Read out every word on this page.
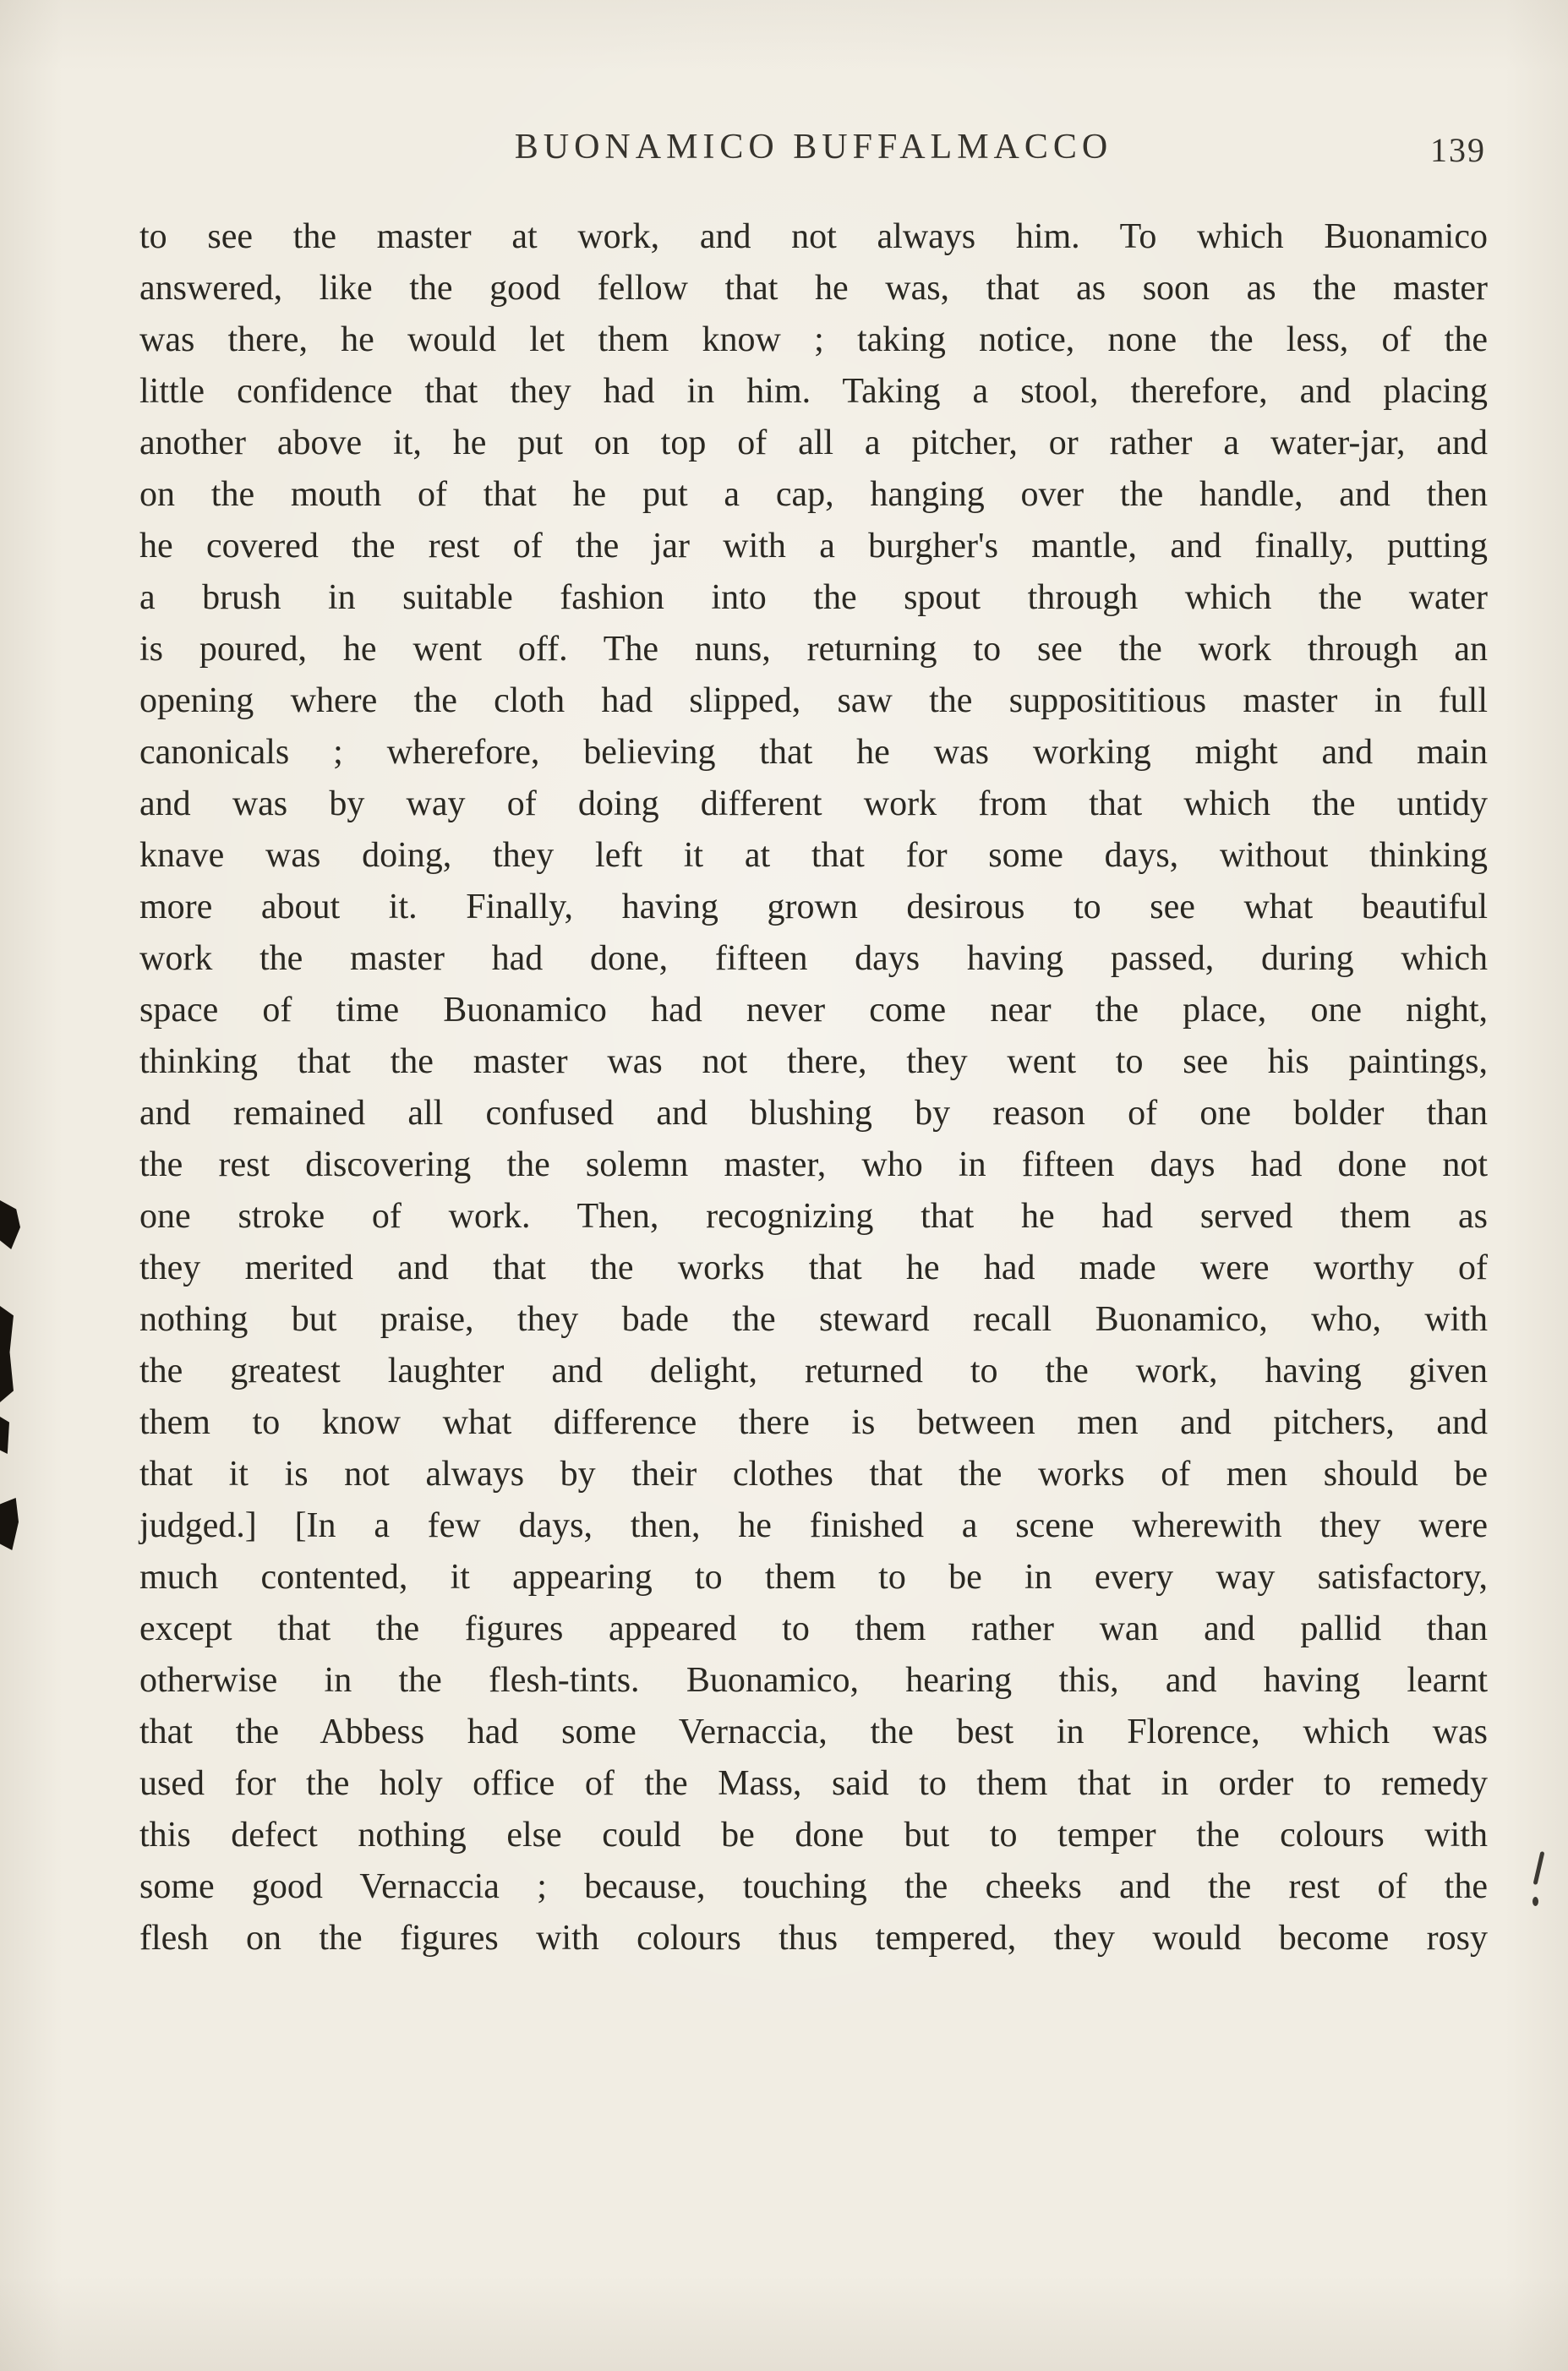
BUONAMICO BUFFALMACCO	139
to see the master at work, and not always him. To which Buonamico
answered, like the good fellow that he was, that as soon as the master
was there, he would let them know ; taking notice, none the less, of the
little confidence that they had in him. Taking a stool, therefore, and placing
another above it, he put on top of all a pitcher, or rather a water-jar, and
on the mouth of that he put a cap, hanging over the handle, and then
he covered the rest of the jar with a burgher's mantle, and finally, putting
a brush in suitable fashion into the spout through which the water
is poured, he went off. The nuns, returning to see the work through an
opening where the cloth had slipped, saw the supposititious master in full
canonicals ; wherefore, believing that he was working might and main
and was by way of doing different work from that which the untidy
knave was doing, they left it at that for some days, without thinking
more about it. Finally, having grown desirous to see what beautiful
work the master had done, fifteen days having passed, during which
space of time Buonamico had never come near the place, one night,
thinking that the master was not there, they went to see his paintings,
and remained all confused and blushing by reason of one bolder than
the rest discovering the solemn master, who in fifteen days had done not
one stroke of work. Then, recognizing that he had served them as
they merited and that the works that he had made were worthy of
nothing but praise, they bade the steward recall Buonamico, who, with
the greatest laughter and delight, returned to the work, having given
them to know what difference there is between men and pitchers, and
that it is not always by their clothes that the works of men should be
judged.] [In a few days, then, he finished a scene wherewith they were
much contented, it appearing to them to be in every way satisfactory,
except that the figures appeared to them rather wan and pallid than
otherwise in the flesh-tints. Buonamico, hearing this, and having learnt
that the Abbess had some Vernaccia, the best in Florence, which was
used for the holy office of the Mass, said to them that in order to remedy
this defect nothing else could be done but to temper the colours with
some good Vernaccia ; because, touching the cheeks and the rest of the
flesh on the figures with colours thus tempered, they would become rosy
